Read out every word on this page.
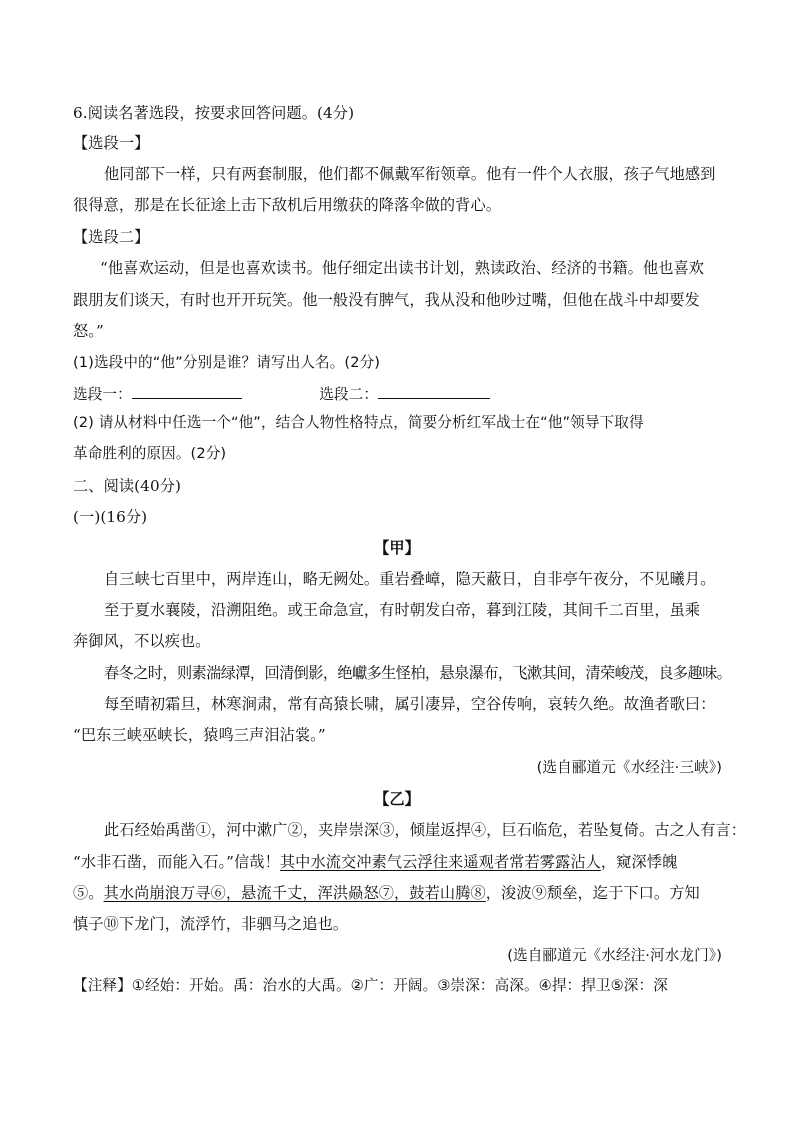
6.阅读名著选段，按要求回答问题。(4分)
【选段一】
他同部下一样，只有两套制服，他们都不佩戴军衔领章。他有一件个人衣服，孩子气地感到
很得意，那是在长征途上击下敌机后用缴获的降落伞做的背心。
【选段二】
“他喜欢运动，但是也喜欢读书。他仔细定出读书计划，熟读政治、经济的书籍。他也喜欢
跟朋友们谈天，有时也开开玩笑。他一般没有脾气，我从没和他吵过嘴，但他在战斗中却要发
怒。”
(1)选段中的“他”分别是谁？请写出人名。(2分)
选段一：	选段二：
(2) 请从材料中任选一个“他”，结合人物性格特点，简要分析红军战士在“他”领导下取得
革命胜利的原因。(2分)
二、阅读(40分)
(一)(16分)
【甲】
自三峡七百里中，两岸连山，略无阙处。重岩叠嶂，隐天蔽日，自非亭午夜分，不见曦月。
至于夏水襄陵，沿溯阻绝。或王命急宣，有时朝发白帝，暮到江陵，其间千二百里，虽乘
奔御风，不以疾也。
春冬之时，则素湍绿潭，回清倒影，绝巘多生怪柏，悬泉瀑布，飞漱其间，清荣峻茂，良多趣味。
每至晴初霜旦，林寒涧肃，常有高猿长啸，属引凄异，空谷传响，哀转久绝。故渔者歌曰：
“巴东三峡巫峡长，猿鸣三声泪沾裳。”
(选自郦道元《水经注·三峡》)
【乙】
此石经始禹凿①，河中漱广②，夹岸崇深③，倾崖返捍④，巨石临危，若坠复倚。古之人有言：
“水非石凿，而能入石。”信哉！其中水流交冲素气云浮往来遥观者常若雾露沾人，窥深悸魄
⑤。其水尚崩浪万寻⑥，悬流千丈，浑洪赑怒⑦，鼓若山腾⑧，浚波⑨颓垒，迄于下口。方知
慎子⑩下龙门，流浮竹，非驷马之追也。
(选自郦道元《水经注·河水龙门》)
【注释】①经始：开始。禹：治水的大禹。②广：开阔。③崇深：高深。④捍：捍卫⑤深：深
